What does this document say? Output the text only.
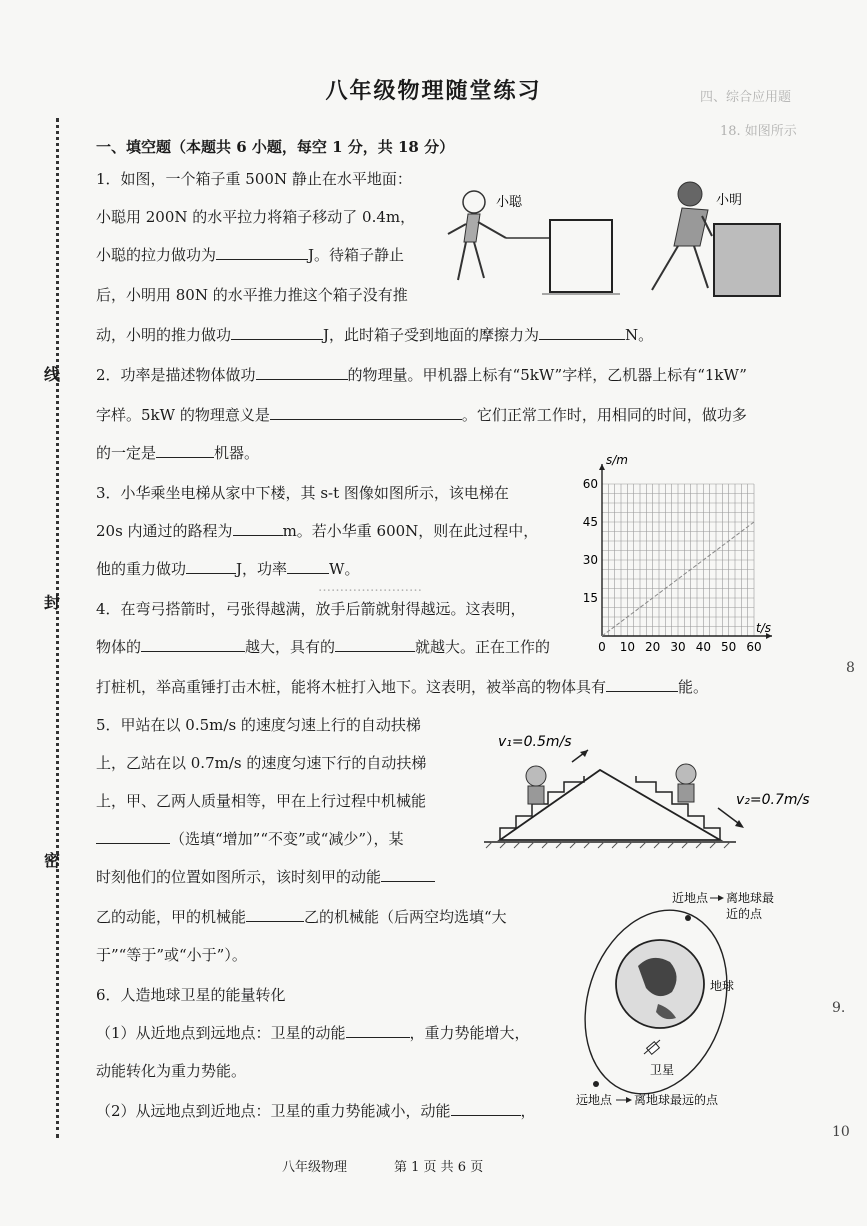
线
封
密
四、综合应用题
18. 如图所示
……………………
八年级物理随堂练习
一、填空题（本题共 6 小题，每空 1 分，共 18 分）
1．如图，一个箱子重 500N 静止在水平地面：
小聪用 200N 的水平拉力将箱子移动了 0.4m，
小聪的拉力做功为	J。待箱子静止
后，小明用 80N 的水平推力推这个箱子没有推
动，小明的推力做功	J，此时箱子受到地面的摩擦力为	N。
小聪	小明
2．功率是描述物体做功	的物理量。甲机器上标有“5kW”字样，乙机器上标有“1kW”
字样。5kW 的物理意义是	。它们正常工作时，用相同的时间，做功多
的一定是	机器。
3．小华乘坐电梯从家中下楼，其 s-t 图像如图所示，该电梯在
20s 内通过的路程为	m。若小华重 600N，则在此过程中，
他的重力做功	J，功率	W。
0 10 20 30 40 50 60
15
30
45
60
s/m
t/s
4．在弯弓搭箭时，弓张得越满，放手后箭就射得越远。这表明，
物体的	越大，具有的	就越大。正在工作的
打桩机，举高重锤打击木桩，能将木桩打入地下。这表明，被举高的物体具有	能。
5．甲站在以 0.5m/s 的速度匀速上行的自动扶梯
上，乙站在以 0.7m/s 的速度匀速下行的自动扶梯
上，甲、乙两人质量相等，甲在上行过程中机械能
（选填“增加”“不变”或“减少”），某
时刻他们的位置如图所示，该时刻甲的动能
乙的动能，甲的机械能	乙的机械能（后两空均选填“大
于”“等于”或“小于”）。
v₁=0.5m/s
v₂=0.7m/s
6．人造地球卫星的能量转化
（1）从近地点到远地点：卫星的动能	，重力势能增大，
动能转化为重力势能。
（2）从远地点到近地点：卫星的重力势能减小，动能	，
近地点 离地球最
近的点
地球
卫星
远地点 离地球最远的点
八年级物理	第 1 页 共 6 页
8
9.
10
